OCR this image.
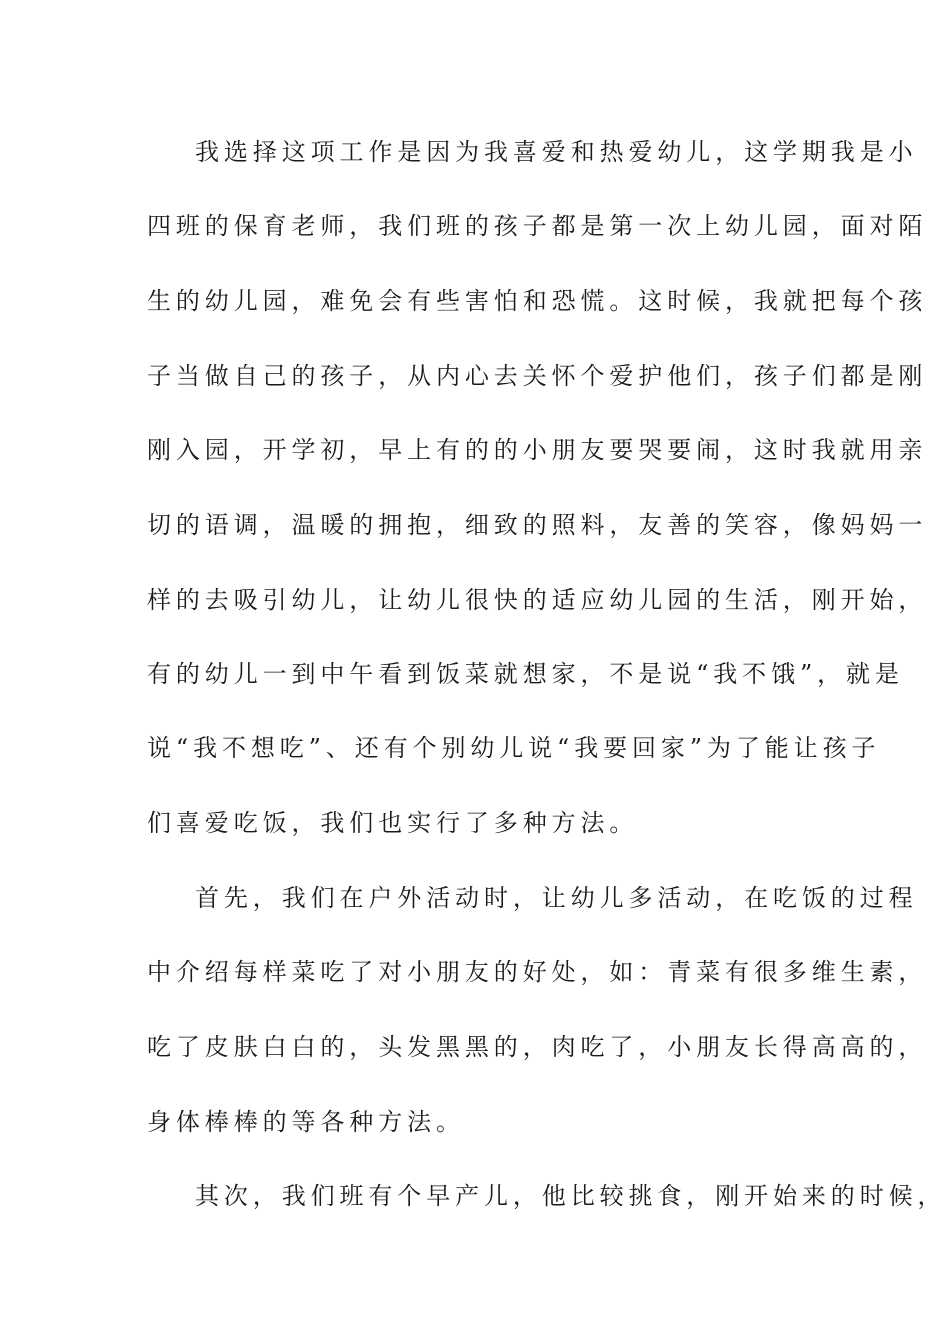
我选择这项工作是因为我喜爱和热爱幼儿，这学期我是小
四班的保育老师，我们班的孩子都是第一次上幼儿园，面对陌
生的幼儿园，难免会有些害怕和恐慌。这时候，我就把每个孩
子当做自己的孩子，从内心去关怀个爱护他们，孩子们都是刚
刚入园，开学初，早上有的的小朋友要哭要闹，这时我就用亲
切的语调，温暖的拥抱，细致的照料，友善的笑容，像妈妈一
样的去吸引幼儿，让幼儿很快的适应幼儿园的生活，刚开始，
有的幼儿一到中午看到饭菜就想家，不是说“我不饿”，就是
说“我不想吃”、还有个别幼儿说“我要回家”为了能让孩子
们喜爱吃饭，我们也实行了多种方法。
首先，我们在户外活动时，让幼儿多活动，在吃饭的过程
中介绍每样菜吃了对小朋友的好处，如：青菜有很多维生素，
吃了皮肤白白的，头发黑黑的，肉吃了，小朋友长得高高的，
身体棒棒的等各种方法。
其次，我们班有个早产儿，他比较挑食，刚开始来的时候，
